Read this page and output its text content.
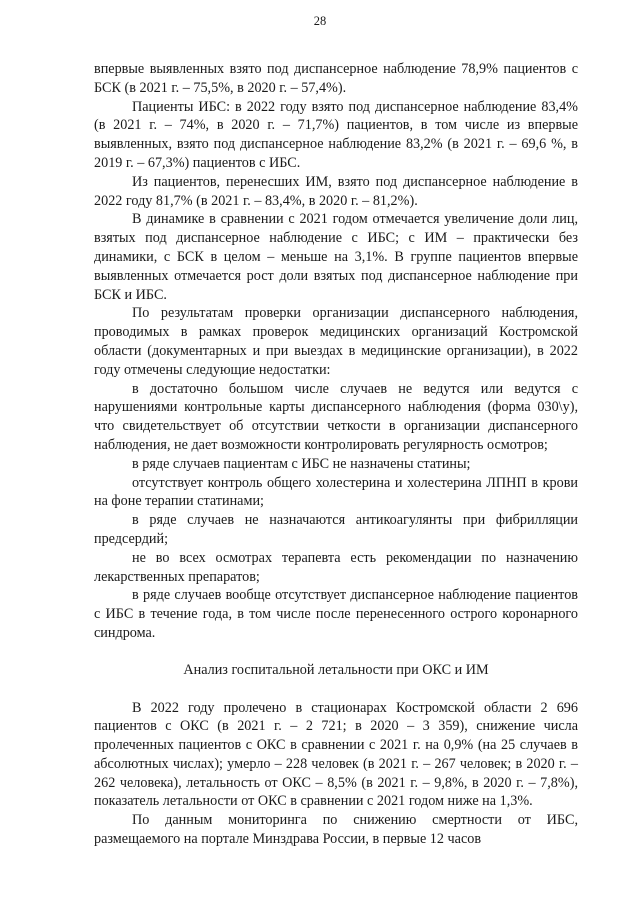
28

впервые выявленных взято под диспансерное наблюдение 78,9% пациентов с БСК (в 2021 г. – 75,5%, в 2020 г. – 57,4%).

Пациенты ИБС: в 2022 году взято под диспансерное наблюдение 83,4% (в 2021 г. – 74%, в 2020 г. – 71,7%) пациентов, в том числе из впервые выявленных, взято под диспансерное наблюдение 83,2% (в 2021 г. – 69,6 %, в 2019 г. – 67,3%) пациентов с ИБС.

Из пациентов, перенесших ИМ, взято под диспансерное наблюдение в 2022 году 81,7% (в 2021 г. – 83,4%, в 2020 г. – 81,2%).

В динамике в сравнении с 2021 годом отмечается увеличение доли лиц, взятых под диспансерное наблюдение с ИБС; с ИМ – практически без динамики, с БСК в целом – меньше на 3,1%. В группе пациентов впервые выявленных отмечается рост доли взятых под диспансерное наблюдение при БСК и ИБС.

По результатам проверки организации диспансерного наблюдения, проводимых в рамках проверок медицинских организаций Костромской области (документарных и при выездах в медицинские организации), в 2022 году отмечены следующие недостатки:

в достаточно большом числе случаев не ведутся или ведутся с нарушениями контрольные карты диспансерного наблюдения (форма 030\у), что свидетельствует об отсутствии четкости в организации диспансерного наблюдения, не дает возможности контролировать регулярность осмотров;

в ряде случаев пациентам с ИБС не назначены статины;

отсутствует контроль общего холестерина и холестерина ЛПНП в крови на фоне терапии статинами;

в ряде случаев не назначаются антикоагулянты при фибрилляции предсердий;

не во всех осмотрах терапевта есть рекомендации по назначению лекарственных препаратов;

в ряде случаев вообще отсутствует диспансерное наблюдение пациентов с ИБС в течение года, в том числе после перенесенного острого коронарного синдрома.

Анализ госпитальной летальности при ОКС и ИМ

В 2022 году пролечено в стационарах Костромской области 2 696 пациентов с ОКС (в 2021 г. – 2 721; в 2020 – 3 359), снижение числа пролеченных пациентов с ОКС в сравнении с 2021 г. на 0,9% (на 25 случаев в абсолютных числах); умерло – 228 человек (в 2021 г. – 267 человек; в 2020 г. – 262 человека), летальность от ОКС – 8,5% (в 2021 г. – 9,8%, в 2020 г. – 7,8%), показатель летальности от ОКС в сравнении с 2021 годом ниже на 1,3%.

По данным мониторинга по снижению смертности от ИБС, размещаемого на портале Минздрава России, в первые 12 часов
